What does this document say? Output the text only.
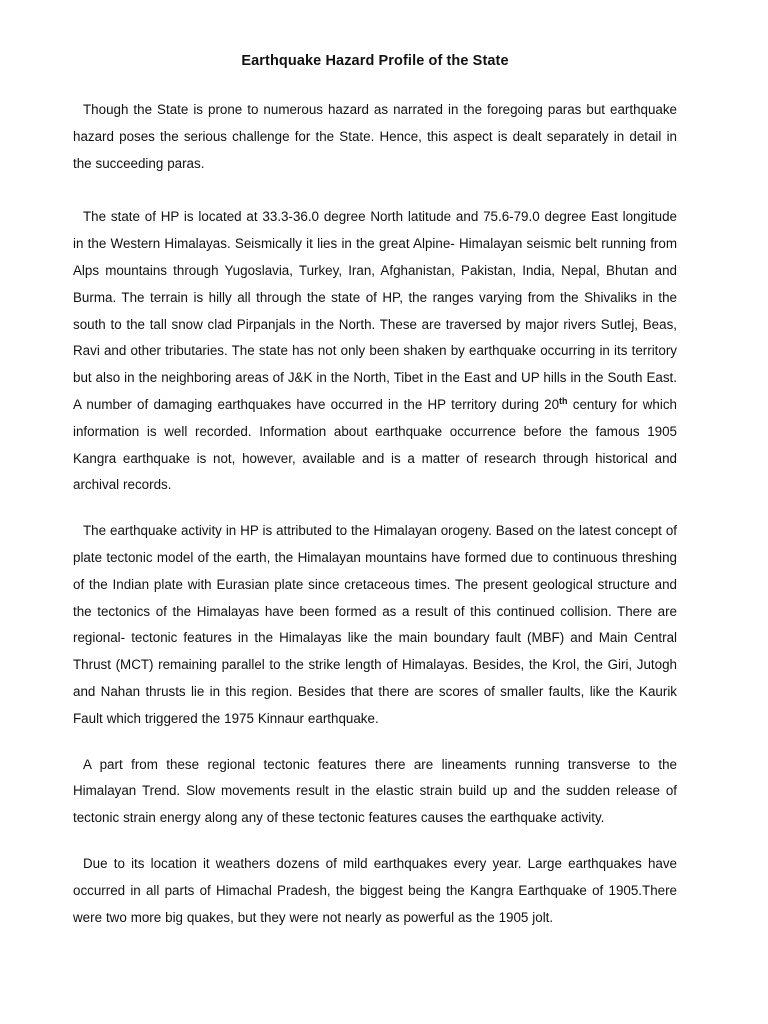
Earthquake Hazard Profile of the State

Though the State is prone to numerous hazard as narrated in the foregoing paras but earthquake hazard poses the serious challenge for the State. Hence, this aspect is dealt separately in detail in the succeeding paras.

The state of HP is located at 33.3-36.0 degree North latitude and 75.6-79.0 degree East longitude in the Western Himalayas. Seismically it lies in the great Alpine- Himalayan seismic belt running from Alps mountains through Yugoslavia, Turkey, Iran, Afghanistan, Pakistan, India, Nepal, Bhutan and Burma. The terrain is hilly all through the state of HP, the ranges varying from the Shivaliks in the south to the tall snow clad Pirpanjals in the North. These are traversed by major rivers Sutlej, Beas, Ravi and other tributaries. The state has not only been shaken by earthquake occurring in its territory but also in the neighboring areas of J&K in the North, Tibet in the East and UP hills in the South East. A number of damaging earthquakes have occurred in the HP territory during 20th century for which information is well recorded. Information about earthquake occurrence before the famous 1905 Kangra earthquake is not, however, available and is a matter of research through historical and archival records.

The earthquake activity in HP is attributed to the Himalayan orogeny. Based on the latest concept of plate tectonic model of the earth, the Himalayan mountains have formed due to continuous threshing of the Indian plate with Eurasian plate since cretaceous times. The present geological structure and the tectonics of the Himalayas have been formed as a result of this continued collision. There are regional- tectonic features in the Himalayas like the main boundary fault (MBF) and Main Central Thrust (MCT) remaining parallel to the strike length of Himalayas. Besides, the Krol, the Giri, Jutogh and Nahan thrusts lie in this region. Besides that there are scores of smaller faults, like the Kaurik Fault which triggered the 1975 Kinnaur earthquake.

A part from these regional tectonic features there are lineaments running transverse to the Himalayan Trend. Slow movements result in the elastic strain build up and the sudden release of tectonic strain energy along any of these tectonic features causes the earthquake activity.

Due to its location it weathers dozens of mild earthquakes every year. Large earthquakes have occurred in all parts of Himachal Pradesh, the biggest being the Kangra Earthquake of 1905.There were two more big quakes, but they were not nearly as powerful as the 1905 jolt.
